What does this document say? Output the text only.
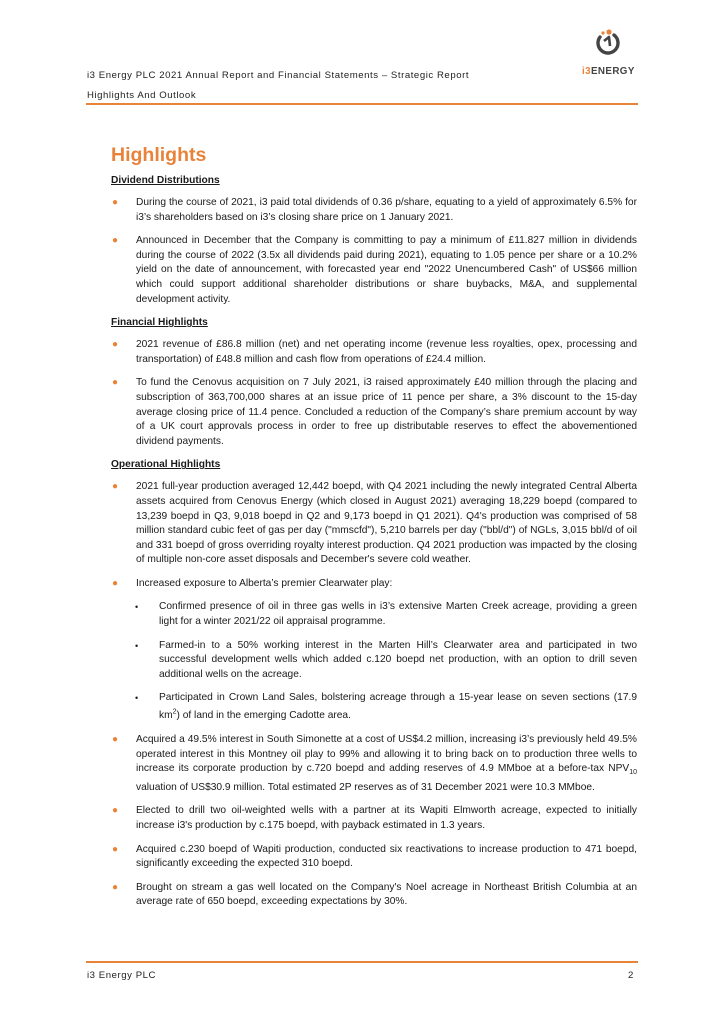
i3 Energy PLC 2021 Annual Report and Financial Statements – Strategic Report
Highlights And Outlook
i3ENERGY
Highlights
Dividend Distributions
● During the course of 2021, i3 paid total dividends of 0.36 p/share, equating to a yield of approximately 6.5% for i3’s shareholders based on i3’s closing share price on 1 January 2021.
● Announced in December that the Company is committing to pay a minimum of £11.827 million in dividends during the course of 2022 (3.5x all dividends paid during 2021), equating to 1.05 pence per share or a 10.2% yield on the date of announcement, with forecasted year end "2022 Unencumbered Cash" of US$66 million which could support additional shareholder distributions or share buybacks, M&A, and supplemental development activity.
Financial Highlights
● 2021 revenue of £86.8 million (net) and net operating income (revenue less royalties, opex, processing and transportation) of £48.8 million and cash flow from operations of £24.4 million.
● To fund the Cenovus acquisition on 7 July 2021, i3 raised approximately £40 million through the placing and subscription of 363,700,000 shares at an issue price of 11 pence per share, a 3% discount to the 15-day average closing price of 11.4 pence. Concluded a reduction of the Company’s share premium account by way of a UK court approvals process in order to free up distributable reserves to effect the abovementioned dividend payments.
Operational Highlights
● 2021 full-year production averaged 12,442 boepd, with Q4 2021 including the newly integrated Central Alberta assets acquired from Cenovus Energy (which closed in August 2021) averaging 18,229 boepd (compared to 13,239 boepd in Q3, 9,018 boepd in Q2 and 9,173 boepd in Q1 2021). Q4's production was comprised of 58 million standard cubic feet of gas per day ("mmscfd"), 5,210 barrels per day ("bbl/d") of NGLs, 3,015 bbl/d of oil and 331 boepd of gross overriding royalty interest production. Q4 2021 production was impacted by the closing of multiple non-core asset disposals and December's severe cold weather.
● Increased exposure to Alberta’s premier Clearwater play:
• Confirmed presence of oil in three gas wells in i3’s extensive Marten Creek acreage, providing a green light for a winter 2021/22 oil appraisal programme.
• Farmed-in to a 50% working interest in the Marten Hill’s Clearwater area and participated in two successful development wells which added c.120 boepd net production, with an option to drill seven additional wells on the acreage.
• Participated in Crown Land Sales, bolstering acreage through a 15-year lease on seven sections (17.9 $km^2$) of land in the emerging Cadotte area.
● Acquired a 49.5% interest in South Simonette at a cost of US$4.2 million, increasing i3’s previously held 49.5% operated interest in this Montney oil play to 99% and allowing it to bring back on to production three wells to increase its corporate production by c.720 boepd and adding reserves of 4.9 MMboe at a before-tax $NPV_{10}$ valuation of US$30.9 million. Total estimated 2P reserves as of 31 December 2021 were 10.3 MMboe.
● Elected to drill two oil-weighted wells with a partner at its Wapiti Elmworth acreage, expected to initially increase i3's production by c.175 boepd, with payback estimated in 1.3 years.
● Acquired c.230 boepd of Wapiti production, conducted six reactivations to increase production to 471 boepd, significantly exceeding the expected 310 boepd.
● Brought on stream a gas well located on the Company's Noel acreage in Northeast British Columbia at an average rate of 650 boepd, exceeding expectations by 30%.
i3 Energy PLC	2
